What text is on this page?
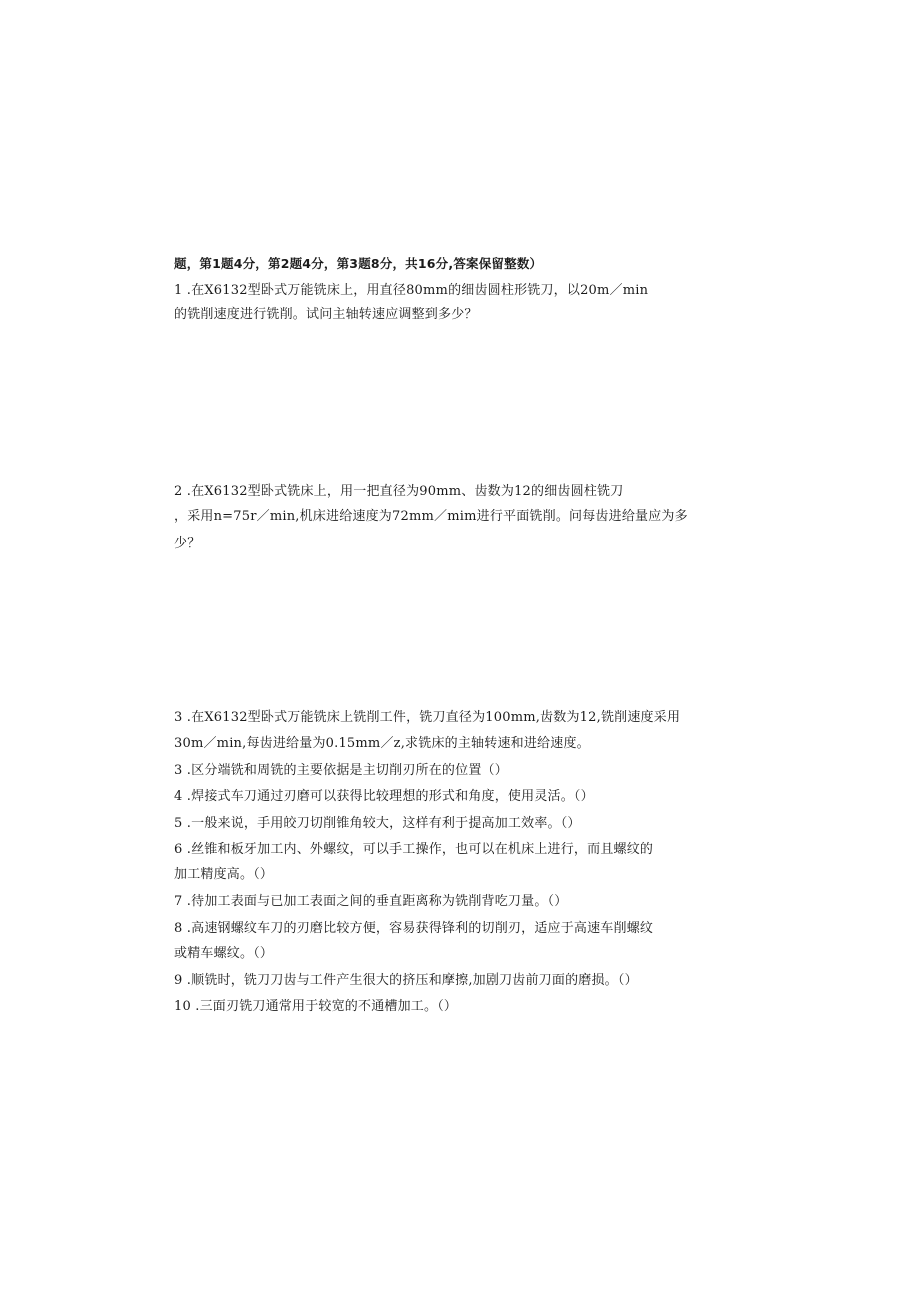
题，第1题4分，第2题4分，第3题8分，共16分,答案保留整数）
1 .在X6132型卧式万能铣床上，用直径80mm的细齿圆柱形铣刀，以20m／min
的铣削速度进行铣削。试问主轴转速应调整到多少？
2 .在X6132型卧式铣床上，用一把直径为90mm、齿数为12的细齿圆柱铣刀
，采用n=75r／min,机床进给速度为72mm／mim进行平面铣削。问每齿进给量应为多
少？
3 .在X6132型卧式万能铣床上铣削工件，铣刀直径为100mm,齿数为12,铣削速度采用
30m／min,每齿进给量为0.15mm／z,求铣床的主轴转速和进给速度。
3 .区分端铣和周铣的主要依据是主切削刃所在的位置（）
4 .焊接式车刀通过刃磨可以获得比较理想的形式和角度，使用灵活。（）
5 .一般来说，手用皎刀切削锥角较大，这样有利于提高加工效率。（）
6 .丝锥和板牙加工内、外螺纹，可以手工操作，也可以在机床上进行，而且螺纹的
加工精度高。（）
7 .待加工表面与已加工表面之间的垂直距离称为铣削背吃刀量。（）
8 .高速钢螺纹车刀的刃磨比较方便，容易获得锋利的切削刃，适应于高速车削螺纹
或精车螺纹。（）
9 .顺铣时，铣刀刀齿与工件产生很大的挤压和摩擦,加剧刀齿前刀面的磨损。（）
10 .三面刃铣刀通常用于较宽的不通槽加工。（）
